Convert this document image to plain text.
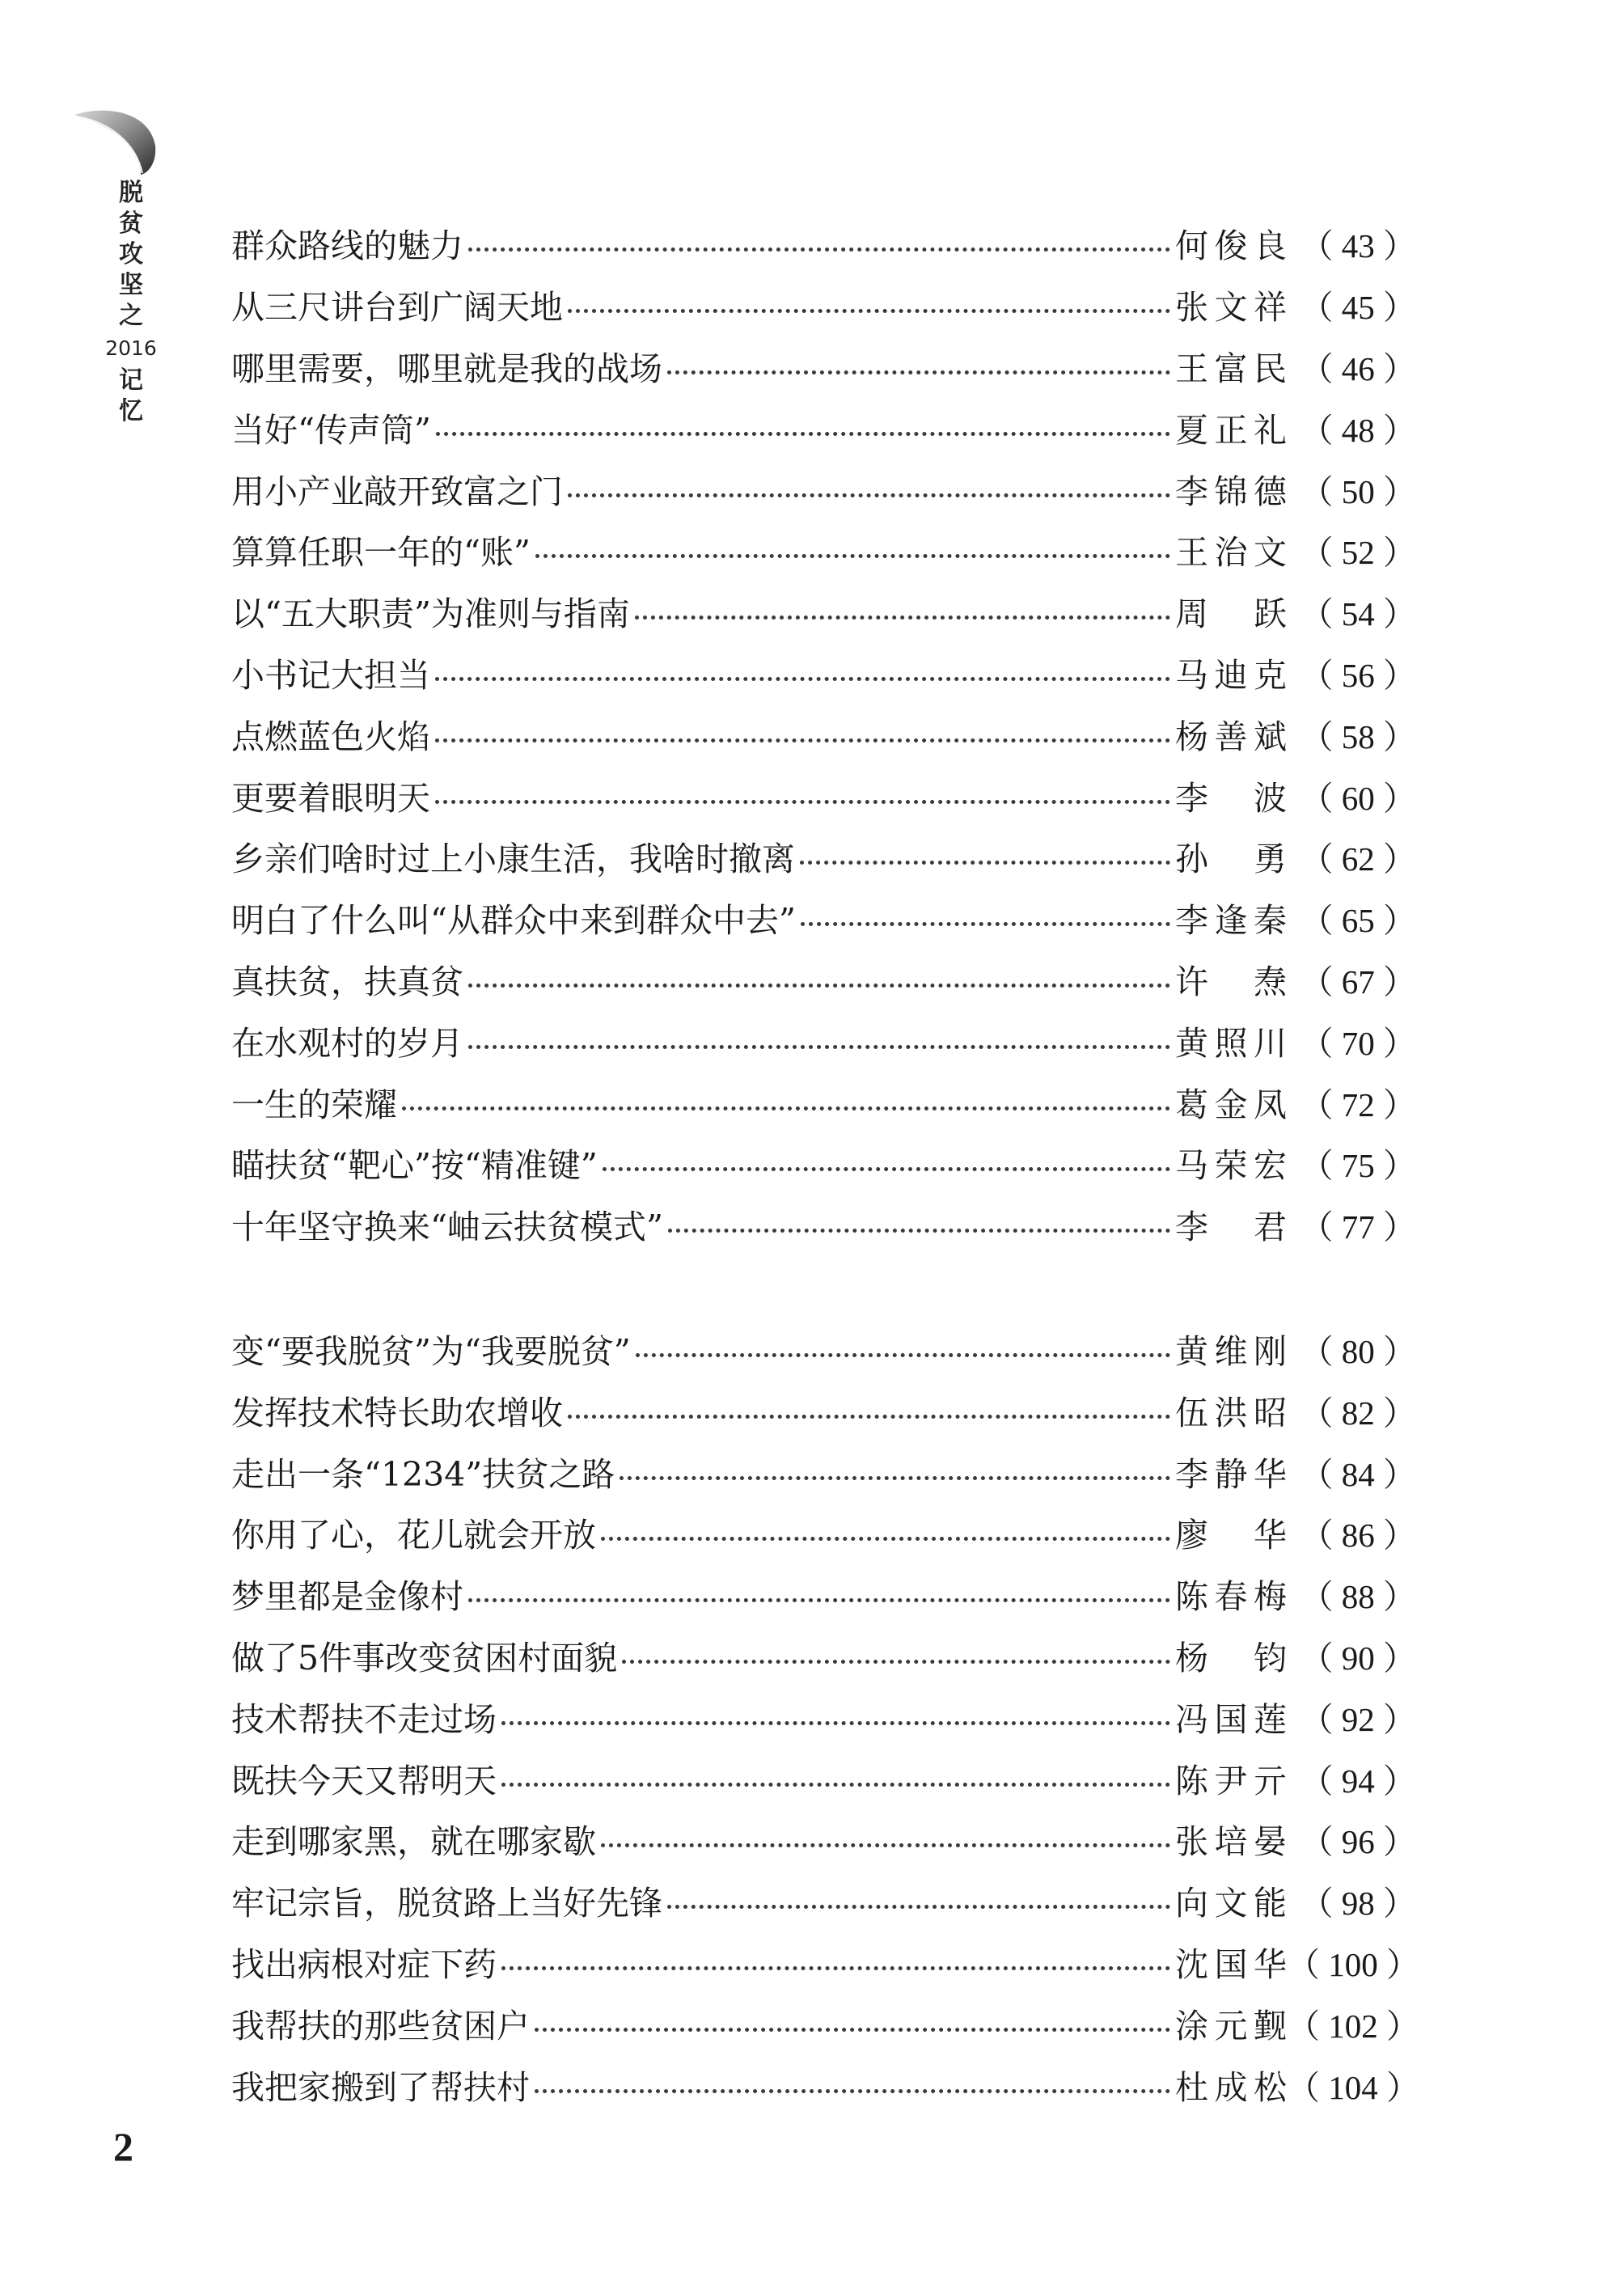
脱
贫
攻
坚
之
2016
记
忆
群众路线的魅力	何俊良 （ 43 ）
从三尺讲台到广阔天地	张文祥 （ 45 ）
哪里需要，哪里就是我的战场	王富民 （ 46 ）
当好“传声筒”	夏正礼 （ 48 ）
用小产业敲开致富之门	李锦德 （ 50 ）
算算任职一年的“账”	王治文 （ 52 ）
以“五大职责”为准则与指南	周　跃 （ 54 ）
小书记大担当	马迪克 （ 56 ）
点燃蓝色火焰	杨善斌 （ 58 ）
更要着眼明天	李　波 （ 60 ）
乡亲们啥时过上小康生活，我啥时撤离	孙　勇 （ 62 ）
明白了什么叫“从群众中来到群众中去”	李逢秦 （ 65 ）
真扶贫，扶真贫	许　焘 （ 67 ）
在水观村的岁月	黄照川 （ 70 ）
一生的荣耀	葛金凤 （ 72 ）
瞄扶贫“靶心”按“精准键”	马荣宏 （ 75 ）
十年坚守换来“岫云扶贫模式”	李　君 （ 77 ）
变“要我脱贫”为“我要脱贫”	黄维刚 （ 80 ）
发挥技术特长助农增收	伍洪昭 （ 82 ）
走出一条“1234”扶贫之路	李静华 （ 84 ）
你用了心，花儿就会开放	廖　华 （ 86 ）
梦里都是金像村	陈春梅 （ 88 ）
做了5件事改变贫困村面貌	杨　钧 （ 90 ）
技术帮扶不走过场	冯国莲 （ 92 ）
既扶今天又帮明天	陈尹亓 （ 94 ）
走到哪家黑，就在哪家歇	张培晏 （ 96 ）
牢记宗旨，脱贫路上当好先锋	向文能 （ 98 ）
找出病根对症下药	沈国华 （ 100 ）
我帮扶的那些贫困户	涂元觐 （ 102 ）
我把家搬到了帮扶村	杜成松 （ 104 ）
2
